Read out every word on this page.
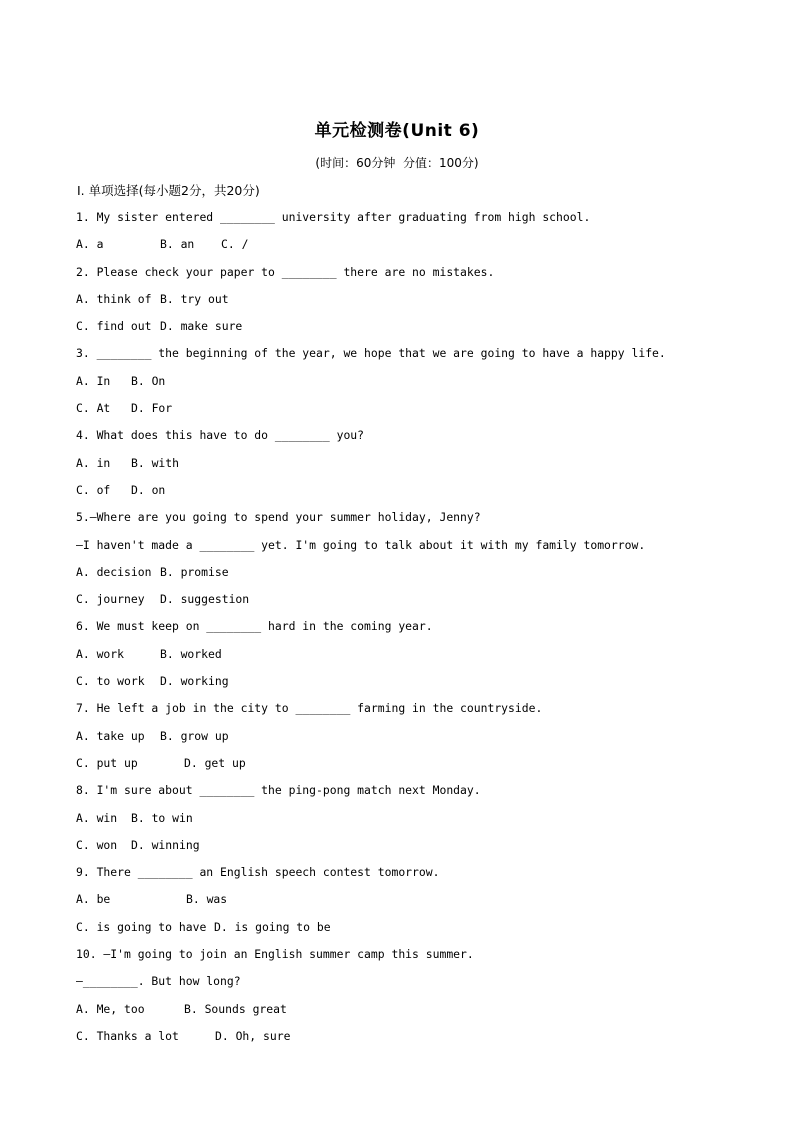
单元检测卷(Unit 6)
(时间：60分钟  分值：100分)
Ⅰ. 单项选择(每小题2分，共20分)
1. My sister entered ________ university after graduating from high school.
A. a	B. an C. /
2. Please check your paper to ________ there are no mistakes.
A. think of B. try out
C. find out D. make sure
3. ________ the beginning of the year, we hope that we are going to have a happy life.
A. In B. On
C. At D. For
4. What does this have to do ________ you?
A. in B. with
C. of D. on
5.—Where are you going to spend your summer holiday, Jenny?
—I haven't made a ________ yet. I'm going to talk about it with my family tomorrow.
A. decision B. promise
C. journey D. suggestion
6. We must keep on ________ hard in the coming year.
A. work	B. worked
C. to work D. working
7. He left a job in the city to ________ farming in the countryside.
A. take up B. grow up
C. put up	D. get up
8. I'm sure about ________ the ping-pong match next Monday.
A. win B. to win
C. won D. winning
9. There ________ an English speech contest tomorrow.
A. be	B. was
C. is going to have D. is going to be
10. —I'm going to join an English summer camp this summer.
—________. But how long?
A. Me, too	B. Sounds great
C. Thanks a lot	D. Oh, sure
